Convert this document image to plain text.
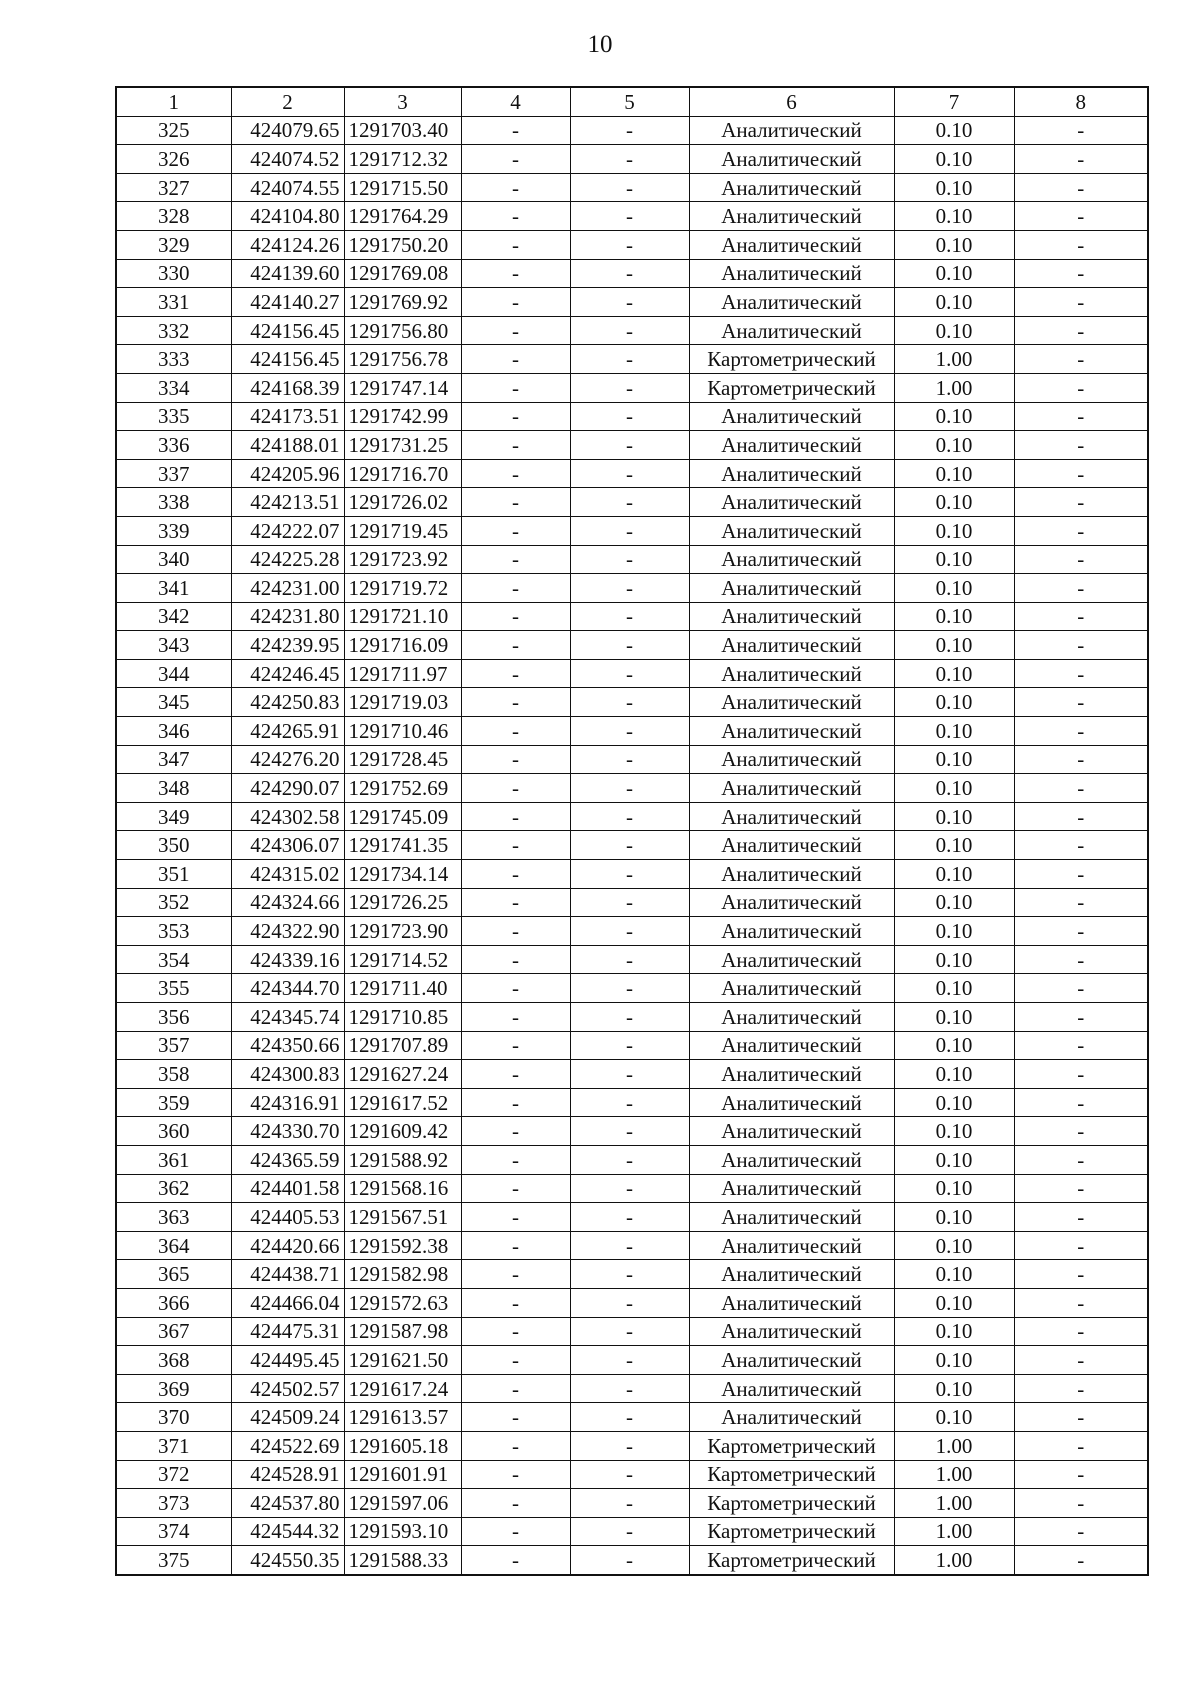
10
1	2	3	4	5	6	7	8
325	424079.65	1291703.40	-	-	Аналитический	0.10	-
326	424074.52	1291712.32	-	-	Аналитический	0.10	-
327	424074.55	1291715.50	-	-	Аналитический	0.10	-
328	424104.80	1291764.29	-	-	Аналитический	0.10	-
329	424124.26	1291750.20	-	-	Аналитический	0.10	-
330	424139.60	1291769.08	-	-	Аналитический	0.10	-
331	424140.27	1291769.92	-	-	Аналитический	0.10	-
332	424156.45	1291756.80	-	-	Аналитический	0.10	-
333	424156.45	1291756.78	-	-	Картометрический	1.00	-
334	424168.39	1291747.14	-	-	Картометрический	1.00	-
335	424173.51	1291742.99	-	-	Аналитический	0.10	-
336	424188.01	1291731.25	-	-	Аналитический	0.10	-
337	424205.96	1291716.70	-	-	Аналитический	0.10	-
338	424213.51	1291726.02	-	-	Аналитический	0.10	-
339	424222.07	1291719.45	-	-	Аналитический	0.10	-
340	424225.28	1291723.92	-	-	Аналитический	0.10	-
341	424231.00	1291719.72	-	-	Аналитический	0.10	-
342	424231.80	1291721.10	-	-	Аналитический	0.10	-
343	424239.95	1291716.09	-	-	Аналитический	0.10	-
344	424246.45	1291711.97	-	-	Аналитический	0.10	-
345	424250.83	1291719.03	-	-	Аналитический	0.10	-
346	424265.91	1291710.46	-	-	Аналитический	0.10	-
347	424276.20	1291728.45	-	-	Аналитический	0.10	-
348	424290.07	1291752.69	-	-	Аналитический	0.10	-
349	424302.58	1291745.09	-	-	Аналитический	0.10	-
350	424306.07	1291741.35	-	-	Аналитический	0.10	-
351	424315.02	1291734.14	-	-	Аналитический	0.10	-
352	424324.66	1291726.25	-	-	Аналитический	0.10	-
353	424322.90	1291723.90	-	-	Аналитический	0.10	-
354	424339.16	1291714.52	-	-	Аналитический	0.10	-
355	424344.70	1291711.40	-	-	Аналитический	0.10	-
356	424345.74	1291710.85	-	-	Аналитический	0.10	-
357	424350.66	1291707.89	-	-	Аналитический	0.10	-
358	424300.83	1291627.24	-	-	Аналитический	0.10	-
359	424316.91	1291617.52	-	-	Аналитический	0.10	-
360	424330.70	1291609.42	-	-	Аналитический	0.10	-
361	424365.59	1291588.92	-	-	Аналитический	0.10	-
362	424401.58	1291568.16	-	-	Аналитический	0.10	-
363	424405.53	1291567.51	-	-	Аналитический	0.10	-
364	424420.66	1291592.38	-	-	Аналитический	0.10	-
365	424438.71	1291582.98	-	-	Аналитический	0.10	-
366	424466.04	1291572.63	-	-	Аналитический	0.10	-
367	424475.31	1291587.98	-	-	Аналитический	0.10	-
368	424495.45	1291621.50	-	-	Аналитический	0.10	-
369	424502.57	1291617.24	-	-	Аналитический	0.10	-
370	424509.24	1291613.57	-	-	Аналитический	0.10	-
371	424522.69	1291605.18	-	-	Картометрический	1.00	-
372	424528.91	1291601.91	-	-	Картометрический	1.00	-
373	424537.80	1291597.06	-	-	Картометрический	1.00	-
374	424544.32	1291593.10	-	-	Картометрический	1.00	-
375	424550.35	1291588.33	-	-	Картометрический	1.00	-
